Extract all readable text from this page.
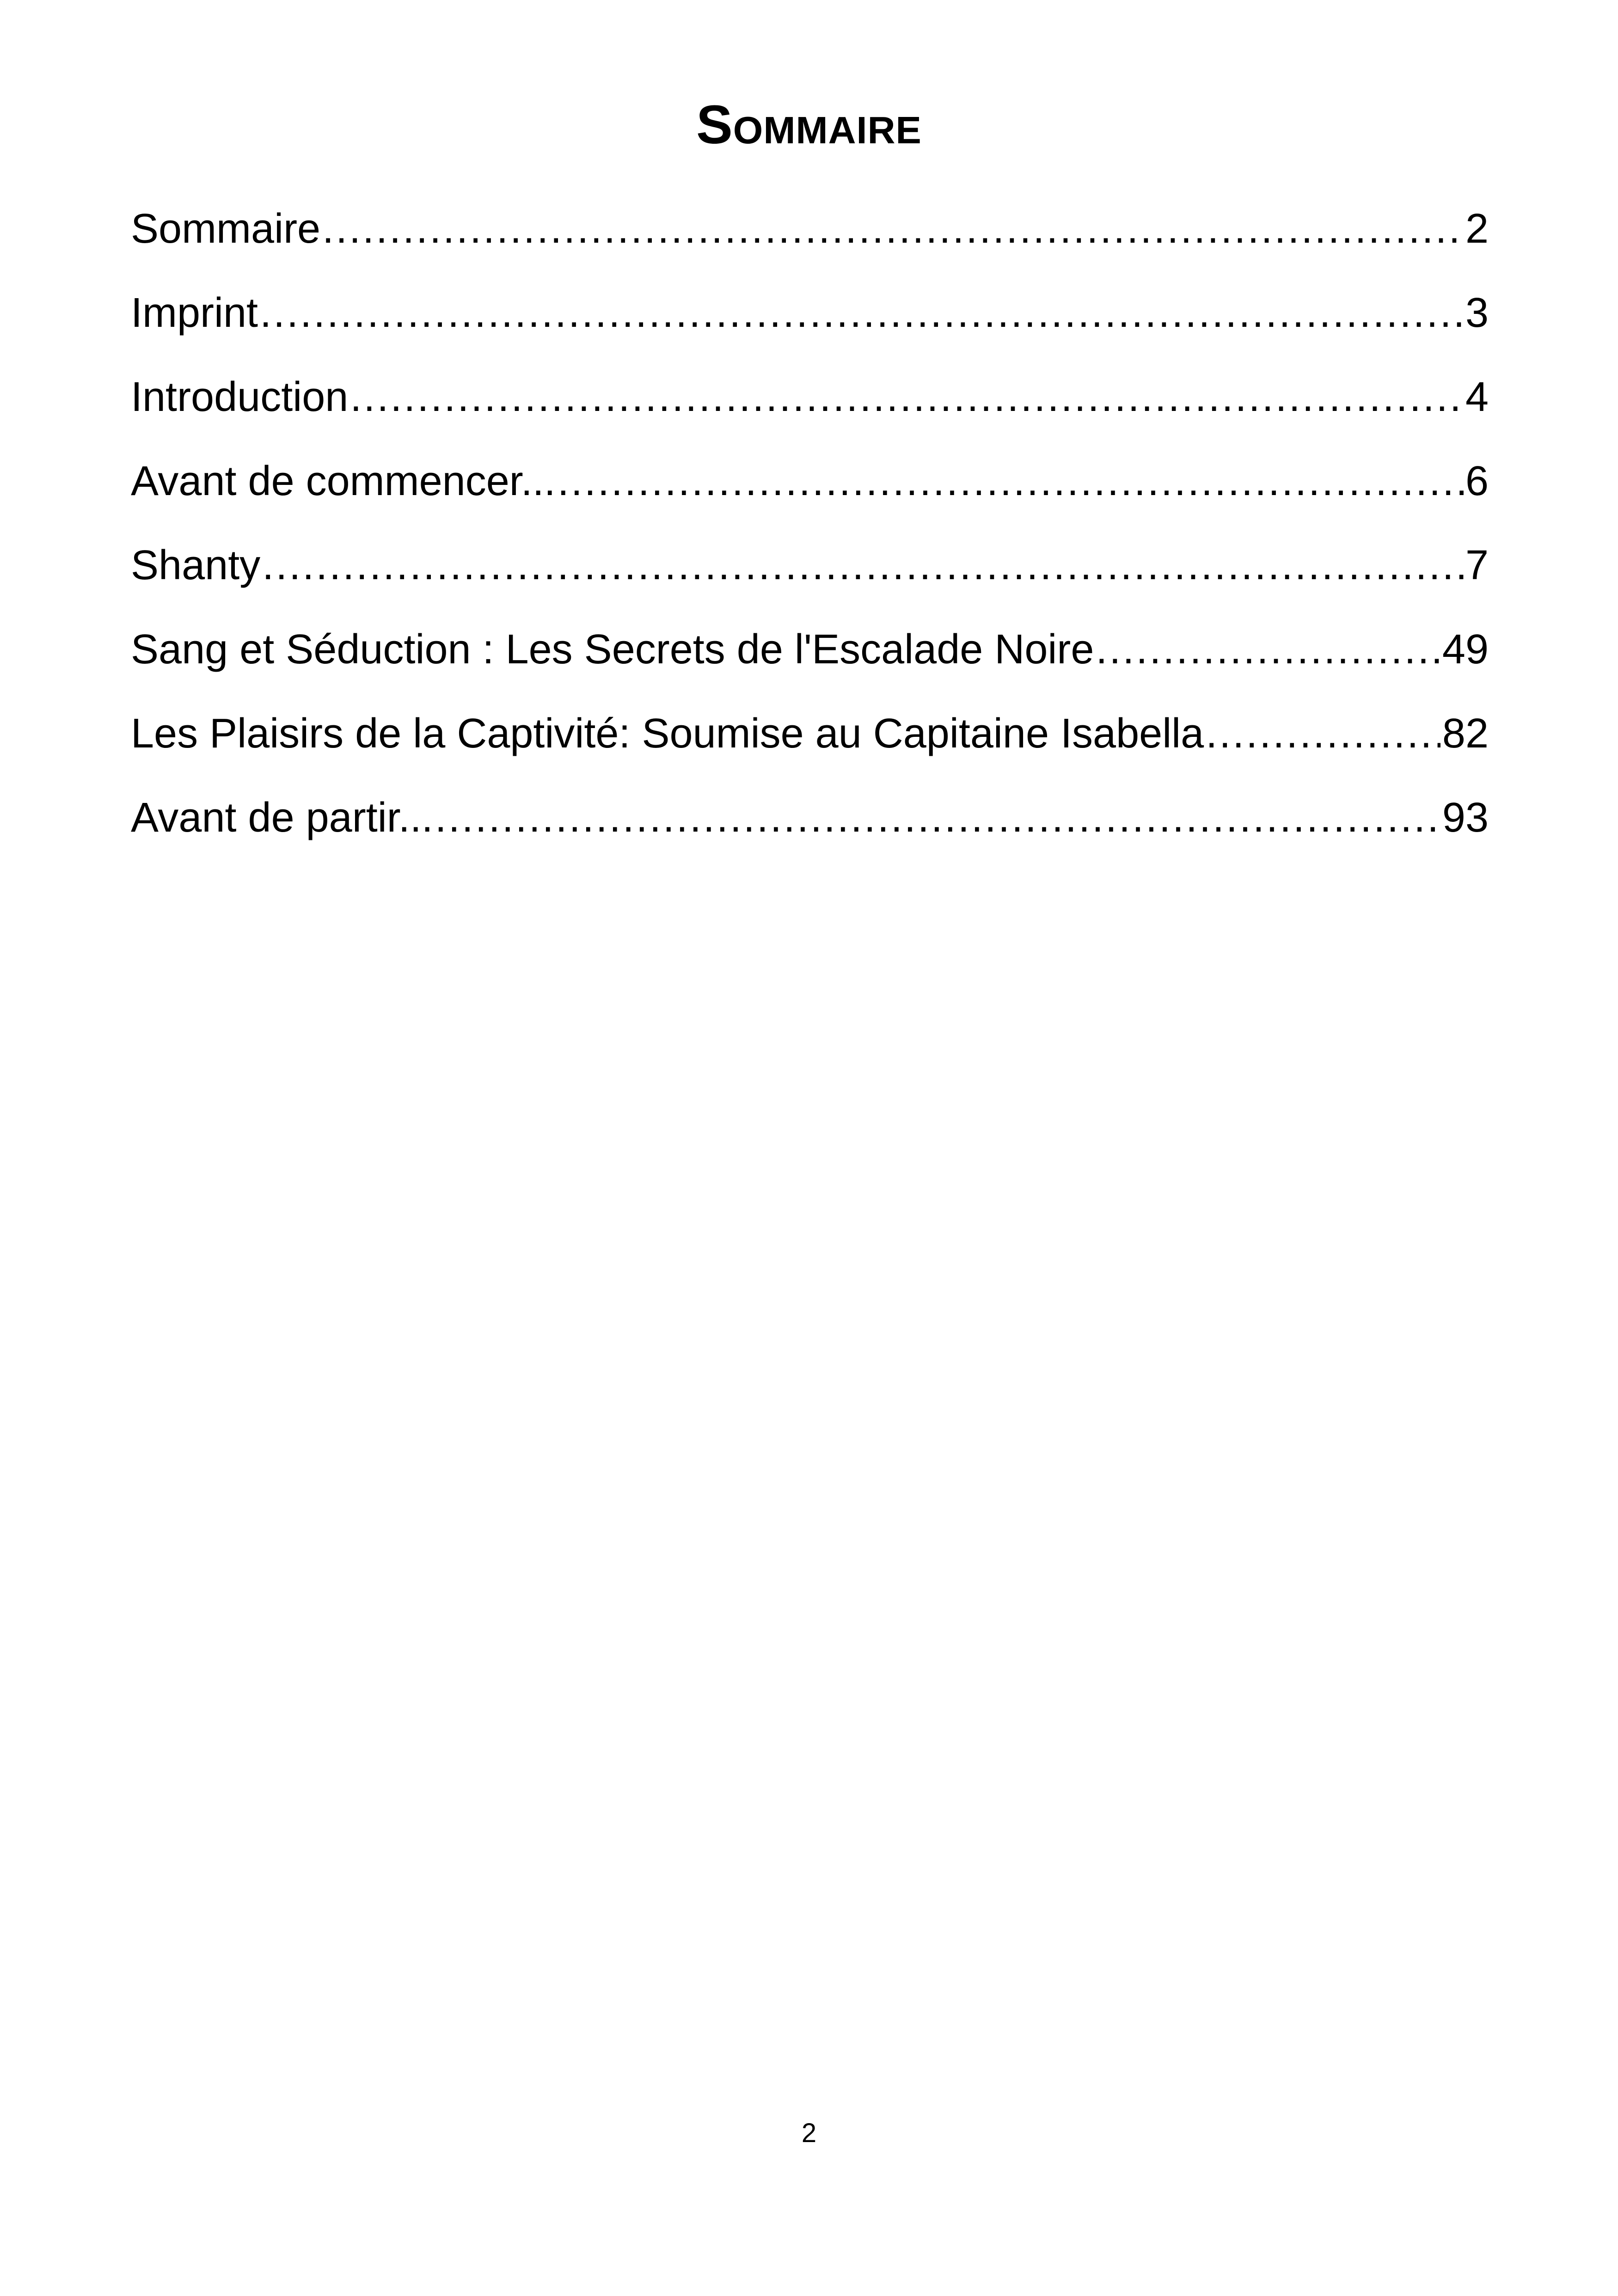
Sommaire
Sommaire .....	2
Imprint .....	3
Introduction .....	4
Avant de commencer... .....	6
Shanty .....	7
Sang et Séduction : Les Secrets de l'Escalade Noire .....	49
Les Plaisirs de la Captivité: Soumise au Capitaine Isabella .....	82
Avant de partir... .....	93
2
